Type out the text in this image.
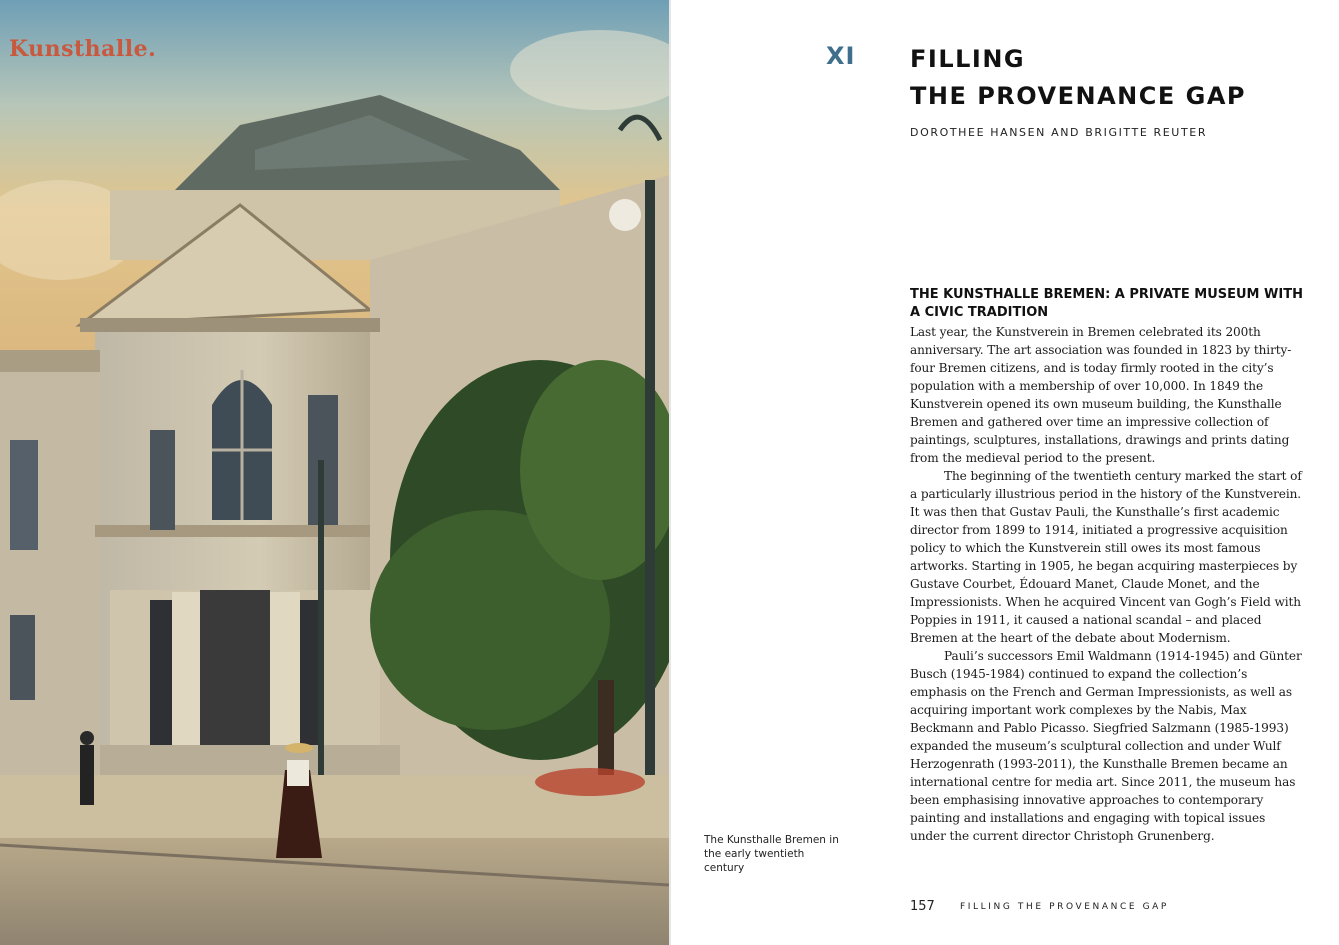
Kunsthalle.
The Kunsthalle Bremen in
the early twentieth century
XI FILLING
THE PROVENANCE GAP
DOROTHEE HANSEN AND BRIGITTE REUTER
THE KUNSTHALLE BREMEN: A PRIVATE MUSEUM WITH A CIVIC TRADITION

Last year, the Kunstverein in Bremen celebrated its 200th anniversary. The art association was founded in 1823 by thirty-four Bremen citizens, and is today firmly rooted in the city’s population with a membership of over 10,000. In 1849 the Kunstverein opened its own museum building, the Kunsthalle Bremen and gathered over time an impressive collection of paintings, sculptures, installations, drawings and prints dating from the medieval period to the present.

The beginning of the twentieth century marked the start of a particularly illustrious period in the history of the Kunstverein. It was then that Gustav Pauli, the Kunsthalle’s first academic director from 1899 to 1914, initiated a progressive acquisition policy to which the Kunstverein still owes its most famous artworks. Starting in 1905, he began acquiring masterpieces by Gustave Courbet, Édouard Manet, Claude Monet, and the Impressionists. When he acquired Vincent van Gogh’s Field with Poppies in 1911, it caused a national scandal – and placed Bremen at the heart of the debate about Modernism.

Pauli’s successors Emil Waldmann (1914-1945) and Günter Busch (1945-1984) continued to expand the collection’s emphasis on the French and German Impressionists, as well as acquiring important work complexes by the Nabis, Max Beckmann and Pablo Picasso. Siegfried Salzmann (1985-1993) expanded the museum’s sculptural collection and under Wulf Herzogenrath (1993-2011), the Kunsthalle Bremen became an international centre for media art. Since 2011, the museum has been emphasising innovative approaches to contemporary painting and installations and engaging with topical issues under the current director Christoph Grunenberg.

157	FILLING THE PROVENANCE GAP
